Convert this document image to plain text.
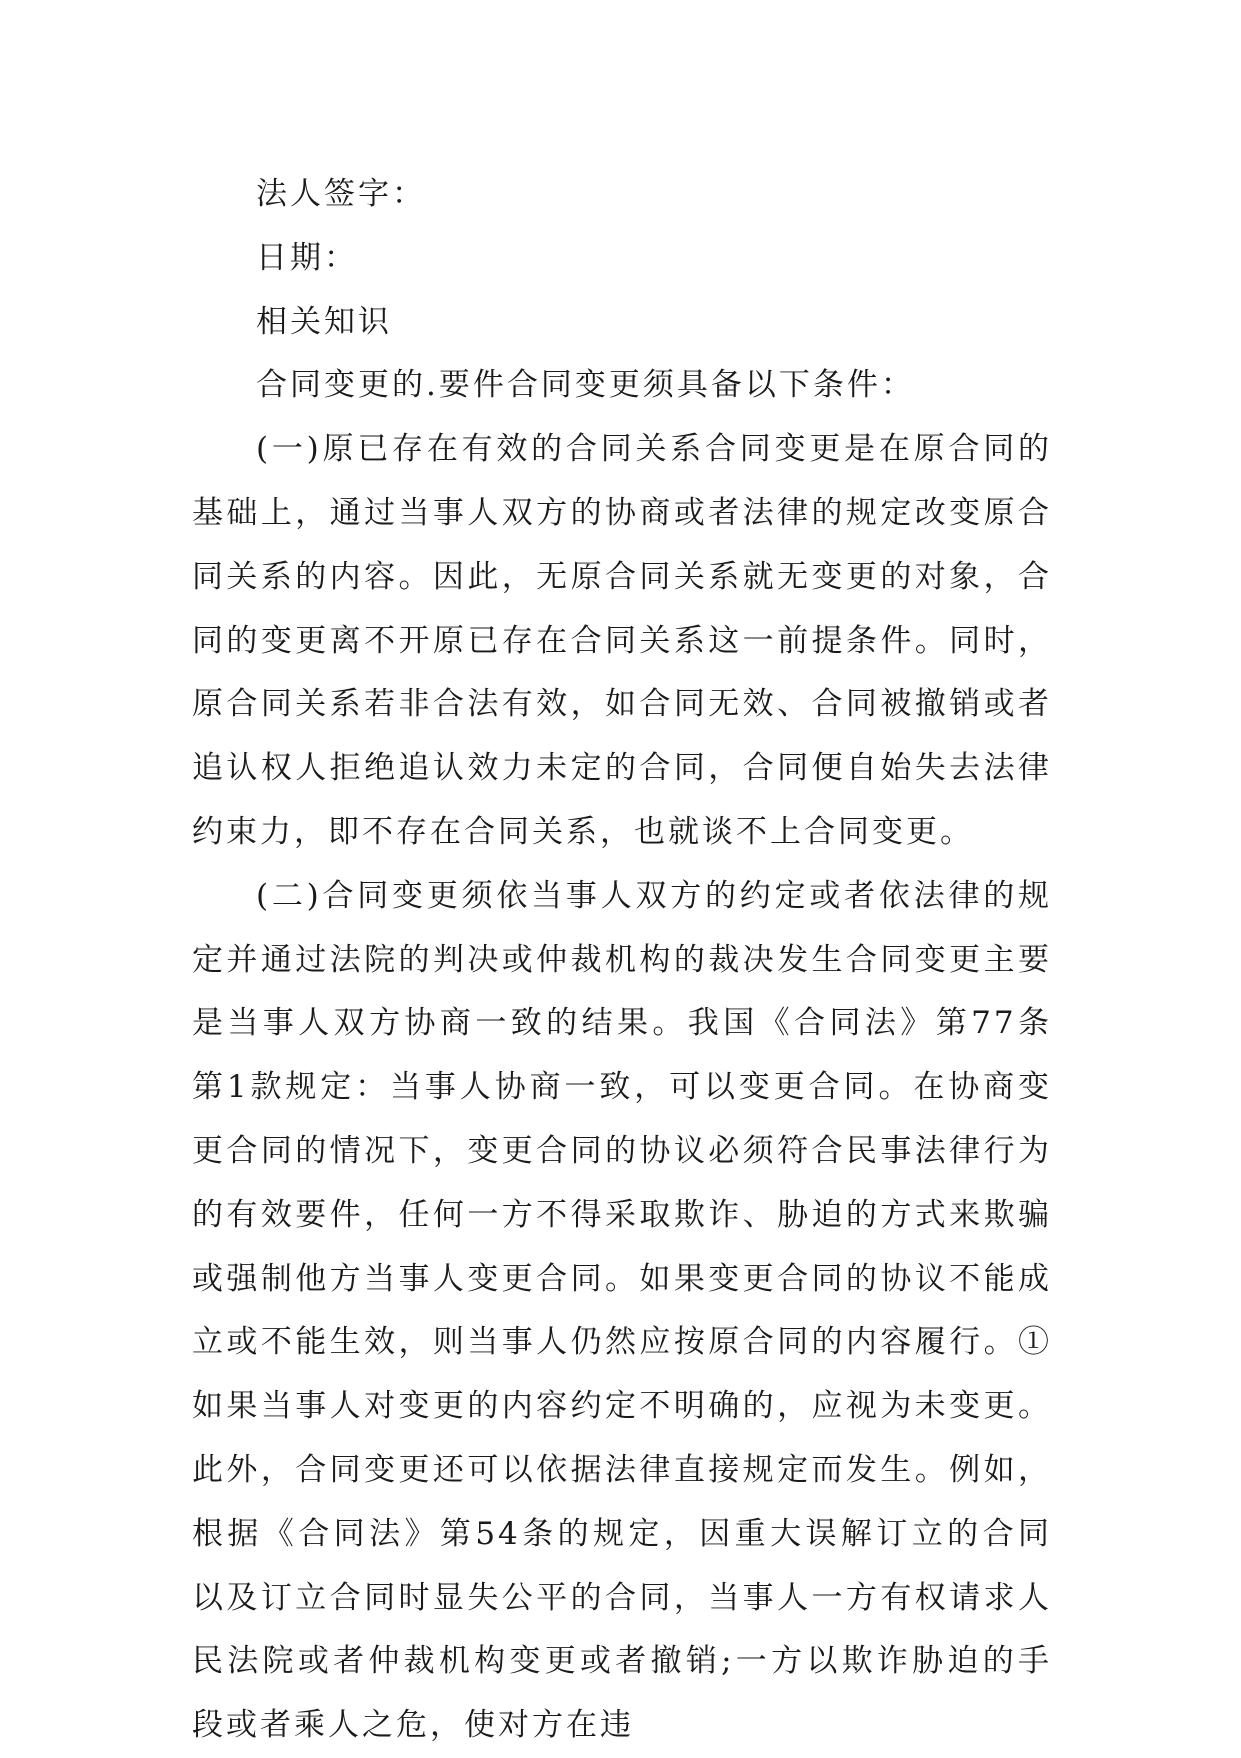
法人签字：
日期：
相关知识
合同变更的.要件合同变更须具备以下条件：

(一)原已存在有效的合同关系合同变更是在原合同的基础上，通过当事人双方的协商或者法律的规定改变原合同关系的内容。因此，无原合同关系就无变更的对象，合同的变更离不开原已存在合同关系这一前提条件。同时，原合同关系若非合法有效，如合同无效、合同被撤销或者追认权人拒绝追认效力未定的合同，合同便自始失去法律约束力，即不存在合同关系，也就谈不上合同变更。

(二)合同变更须依当事人双方的约定或者依法律的规定并通过法院的判决或仲裁机构的裁决发生合同变更主要是当事人双方协商一致的结果。我国《合同法》第77条第1款规定：当事人协商一致，可以变更合同。在协商变更合同的情况下，变更合同的协议必须符合民事法律行为的有效要件，任何一方不得采取欺诈、胁迫的方式来欺骗或强制他方当事人变更合同。如果变更合同的协议不能成立或不能生效，则当事人仍然应按原合同的内容履行。①如果当事人对变更的内容约定不明确的，应视为未变更。此外，合同变更还可以依据法律直接规定而发生。例如，根据《合同法》第54条的规定，因重大误解订立的合同以及订立合同时显失公平的合同，当事人一方有权请求人民法院或者仲裁机构变更或者撤销;一方以欺诈胁迫的手段或者乘人之危，使对方在违
